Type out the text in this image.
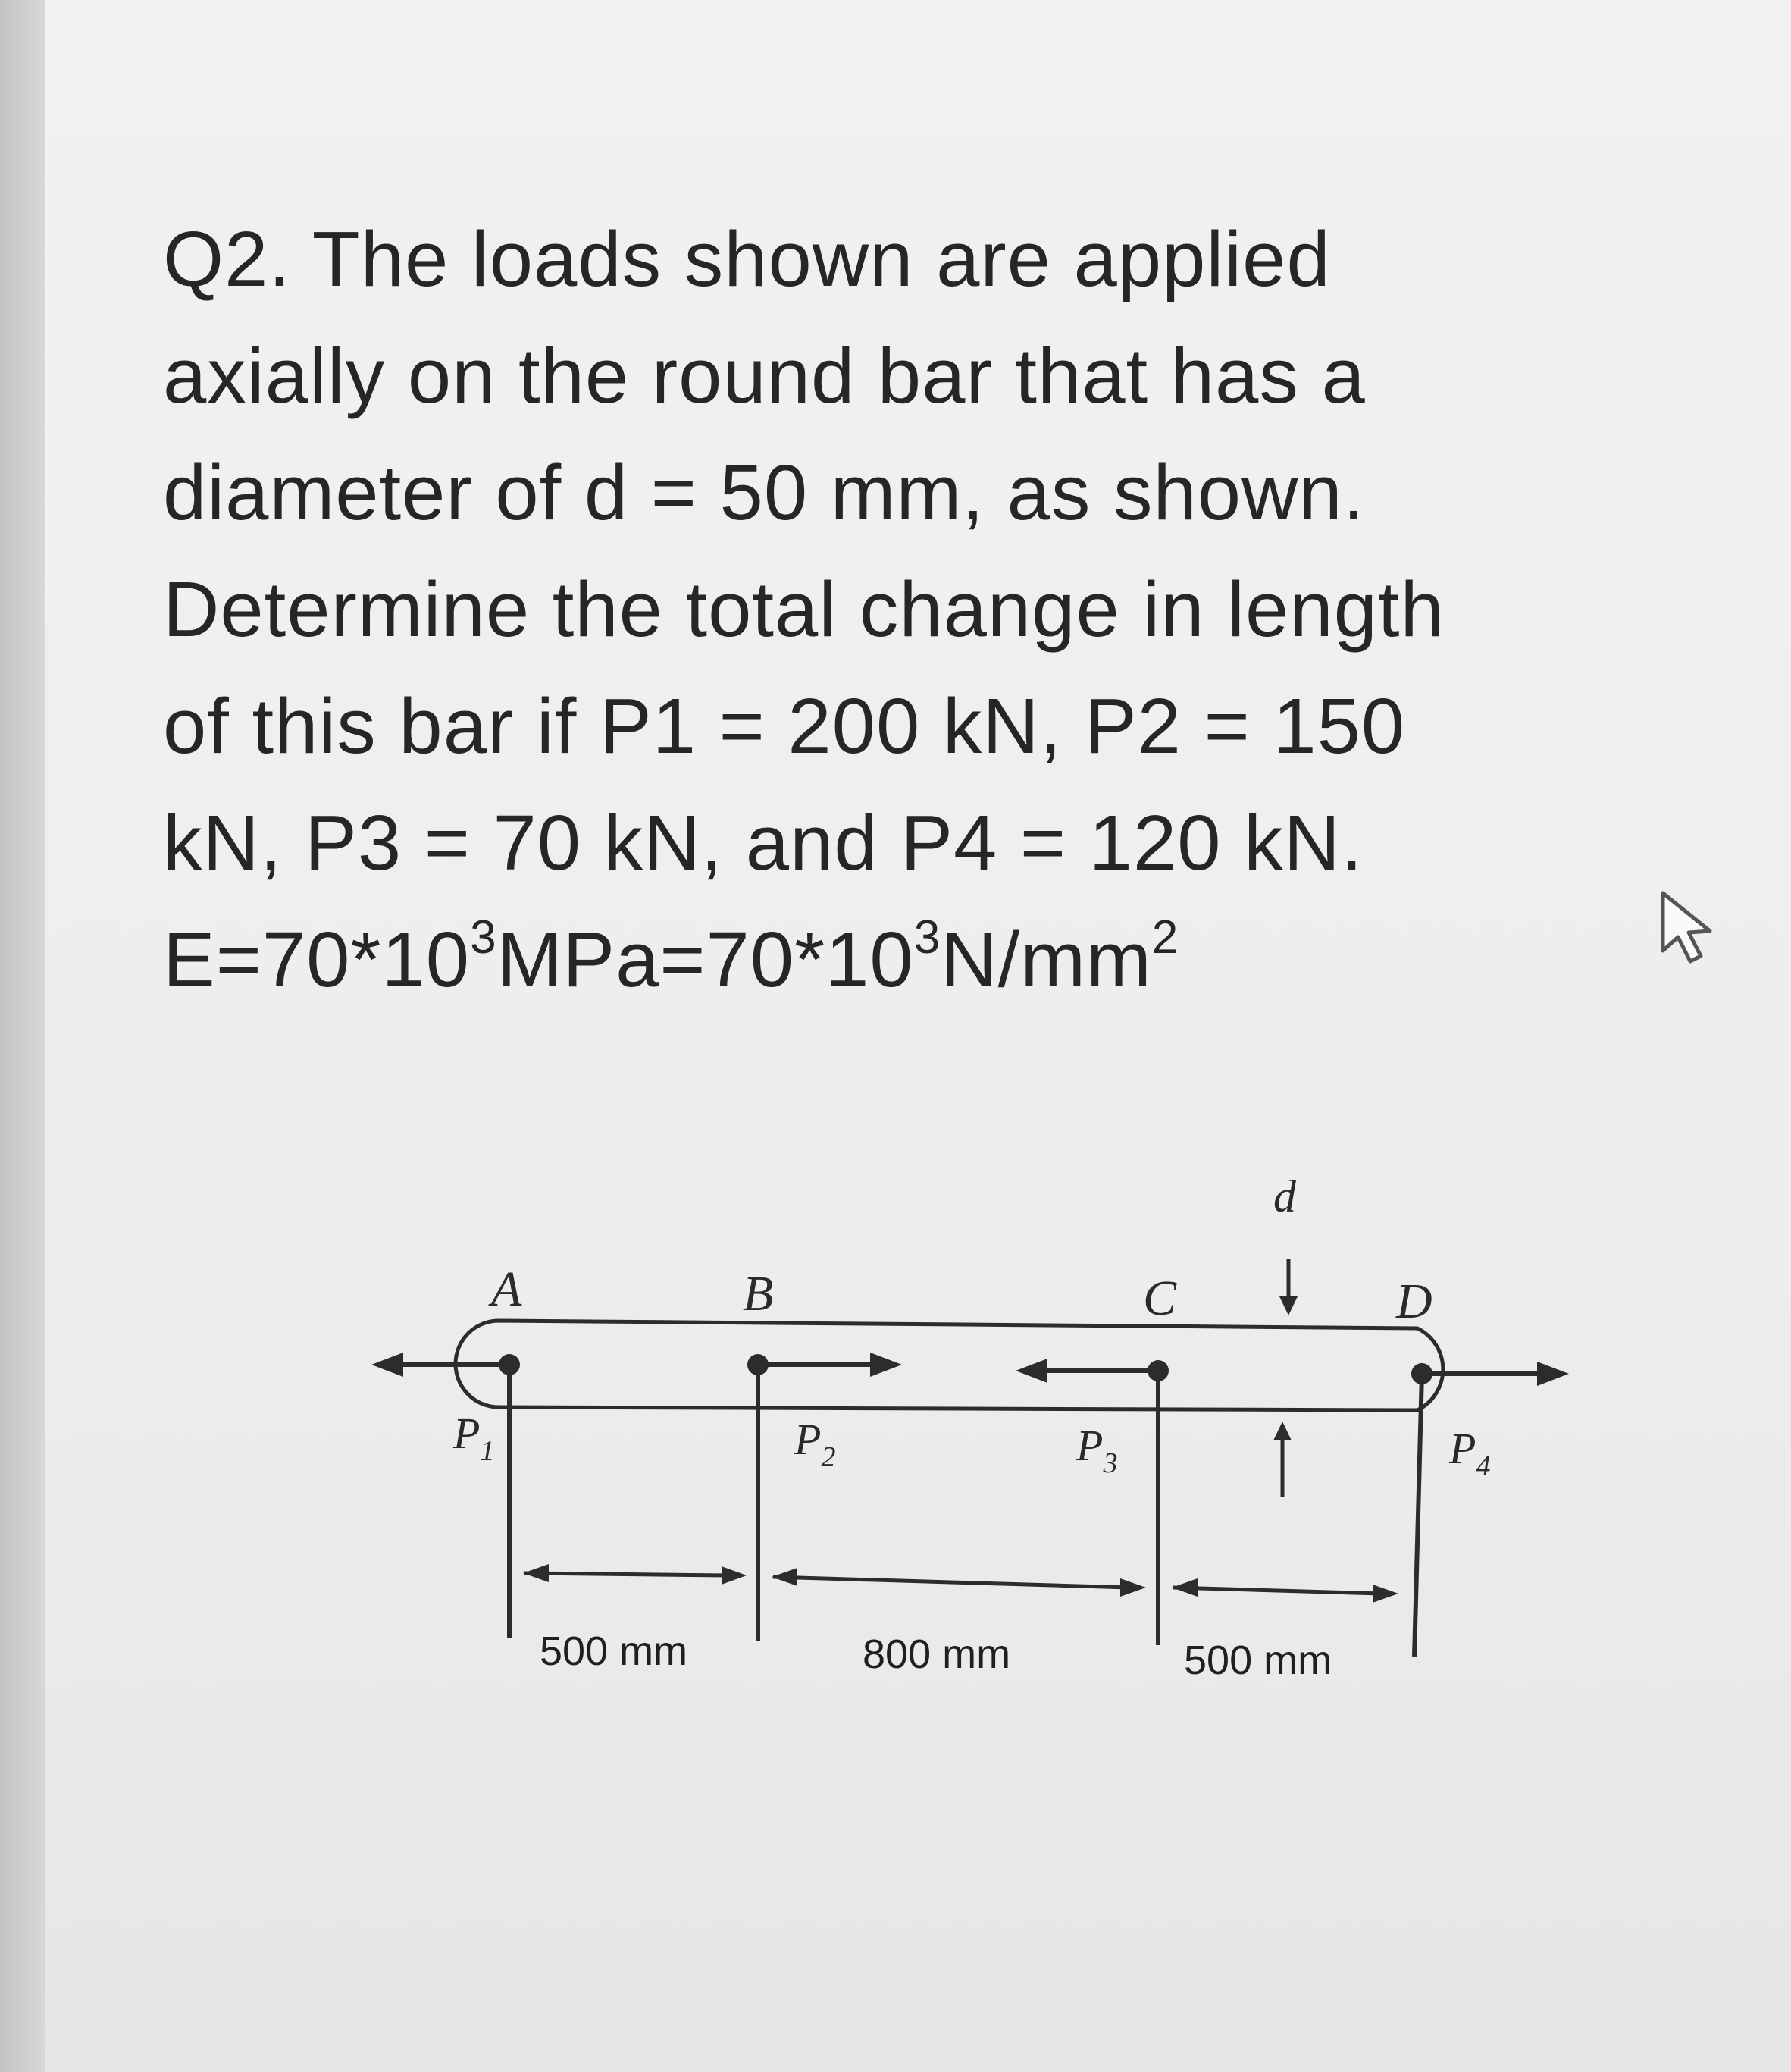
Q2. The loads shown are applied
axially on the round bar that has a
diameter of d = 50 mm, as shown.
Determine the total change in length
of this bar if P1 = 200 kN, P2 = 150
kN, P3 = 70 kN, and P4 = 120 kN.
$E=70*10^3MPa=70*10^3N/mm^2$
A	B	C	D
d
$P_1$	$P_2$	$P_3$	$P_4$
500 mm	800 mm	500 mm
